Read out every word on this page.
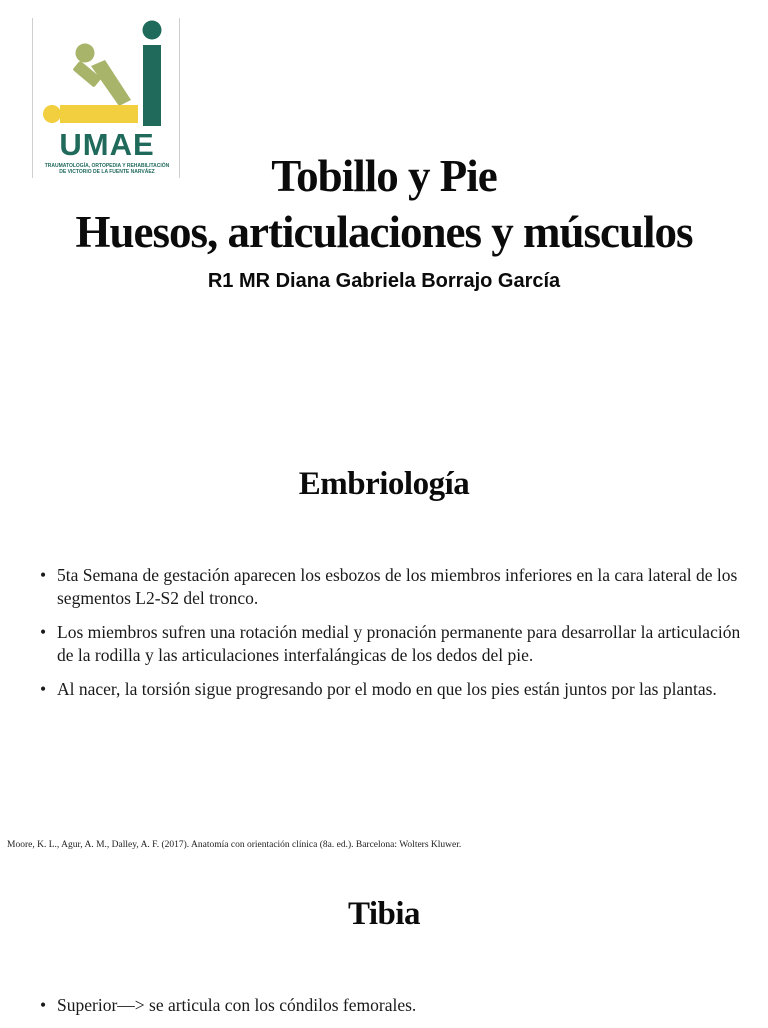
UMAE
TRAUMATOLOGÍA, ORTOPEDIA Y REHABILITACIÓN
DE VICTORIO DE LA FUENTE NARVÁEZ	Tobillo y Pie
Huesos, articulaciones y músculos
R1 MR Diana Gabriela Borrajo García
Embriología
• 5ta Semana de gestación aparecen los esbozos de los miembros inferiores en la cara lateral de los segmentos L2-S2 del tronco.
• Los miembros sufren una rotación medial y pronación permanente para desarrollar la articulación de la rodilla y las articulaciones interfalángicas de los dedos del pie.
• Al nacer, la torsión sigue progresando por el modo en que los pies están juntos por las plantas.
Moore, K. L., Agur, A. M., Dalley, A. F. (2017). Anatomía con orientación clínica (8a. ed.). Barcelona: Wolters Kluwer.
Tibia
• Superior—> se articula con los cóndilos femorales.
